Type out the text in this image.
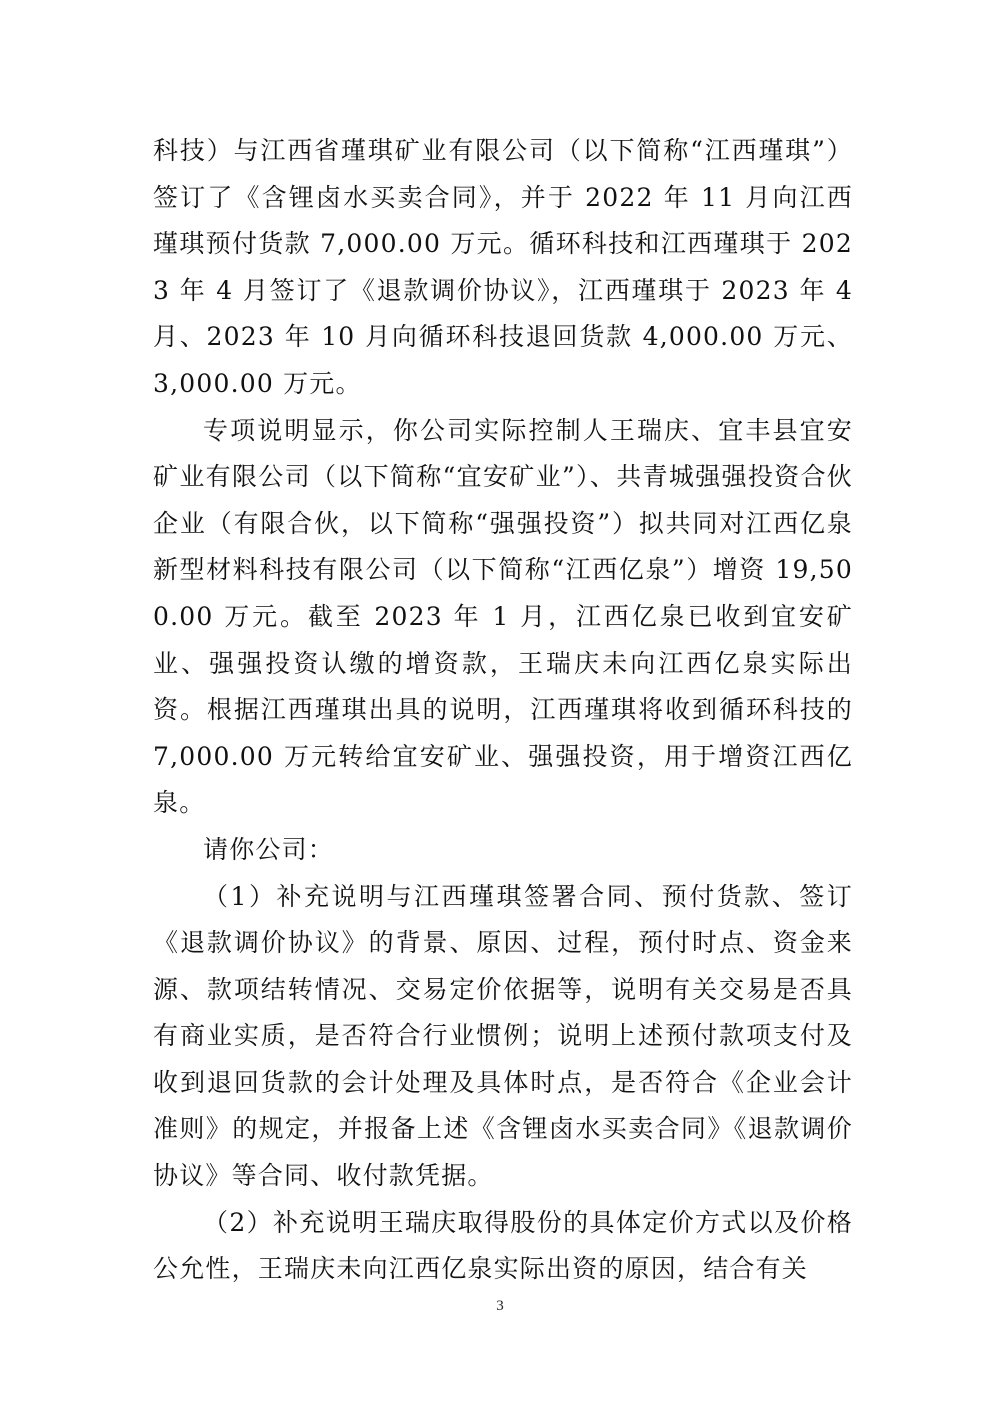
科技）与江西省瑾琪矿业有限公司（以下简称“江西瑾琪”）签订了《含锂卤水买卖合同》，并于 2022 年 11 月向江西瑾琪预付货款 7,000.00 万元。循环科技和江西瑾琪于 2023 年 4 月签订了《退款调价协议》，江西瑾琪于 2023 年 4 月、2023 年 10 月向循环科技退回货款 4,000.00 万元、3,000.00 万元。

专项说明显示，你公司实际控制人王瑞庆、宜丰县宜安矿业有限公司（以下简称“宜安矿业”）、共青城强强投资合伙企业（有限合伙，以下简称“强强投资”）拟共同对江西亿泉新型材料科技有限公司（以下简称“江西亿泉”）增资 19,500.00 万元。截至 2023 年 1 月，江西亿泉已收到宜安矿业、强强投资认缴的增资款，王瑞庆未向江西亿泉实际出资。根据江西瑾琪出具的说明，江西瑾琪将收到循环科技的 7,000.00 万元转给宜安矿业、强强投资，用于增资江西亿泉。

请你公司：

（1）补充说明与江西瑾琪签署合同、预付货款、签订《退款调价协议》的背景、原因、过程，预付时点、资金来源、款项结转情况、交易定价依据等，说明有关交易是否具有商业实质，是否符合行业惯例；说明上述预付款项支付及收到退回货款的会计处理及具体时点，是否符合《企业会计准则》的规定，并报备上述《含锂卤水买卖合同》《退款调价协议》等合同、收付款凭据。

（2）补充说明王瑞庆取得股份的具体定价方式以及价格公允性，王瑞庆未向江西亿泉实际出资的原因，结合有关

3
